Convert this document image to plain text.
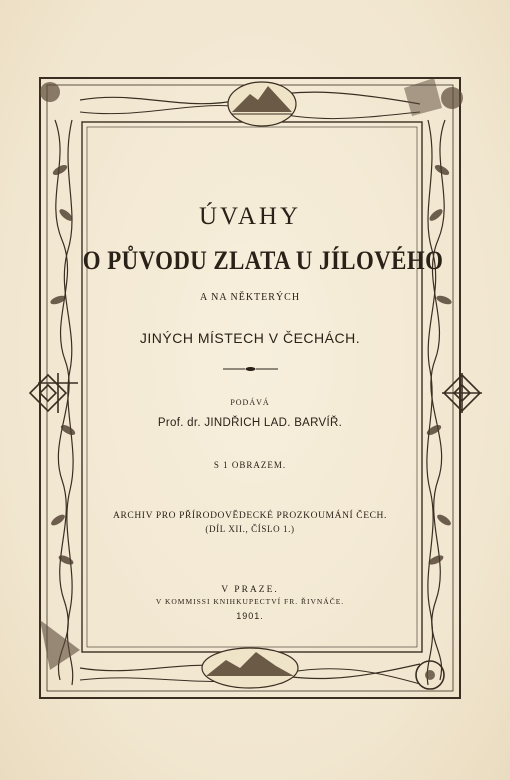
ÚVAHY
O PŮVODU ZLATA U JÍLOVÉHO
A NA NĚKTERÝCH
JINÝCH MÍSTECH V ČECHÁCH.
PODÁVÁ
Prof. dr. JINDŘICH LAD. BARVÍŘ.
S 1 OBRAZEM.
ARCHIV PRO PŘÍRODOVĚDECKÉ PROZKOUMÁNÍ ČECH.
(DÍL XII., ČÍSLO 1.)
V PRAZE.
V KOMMISSI KNIHKUPECTVÍ FR. ŘIVNÁČE.
1901.
